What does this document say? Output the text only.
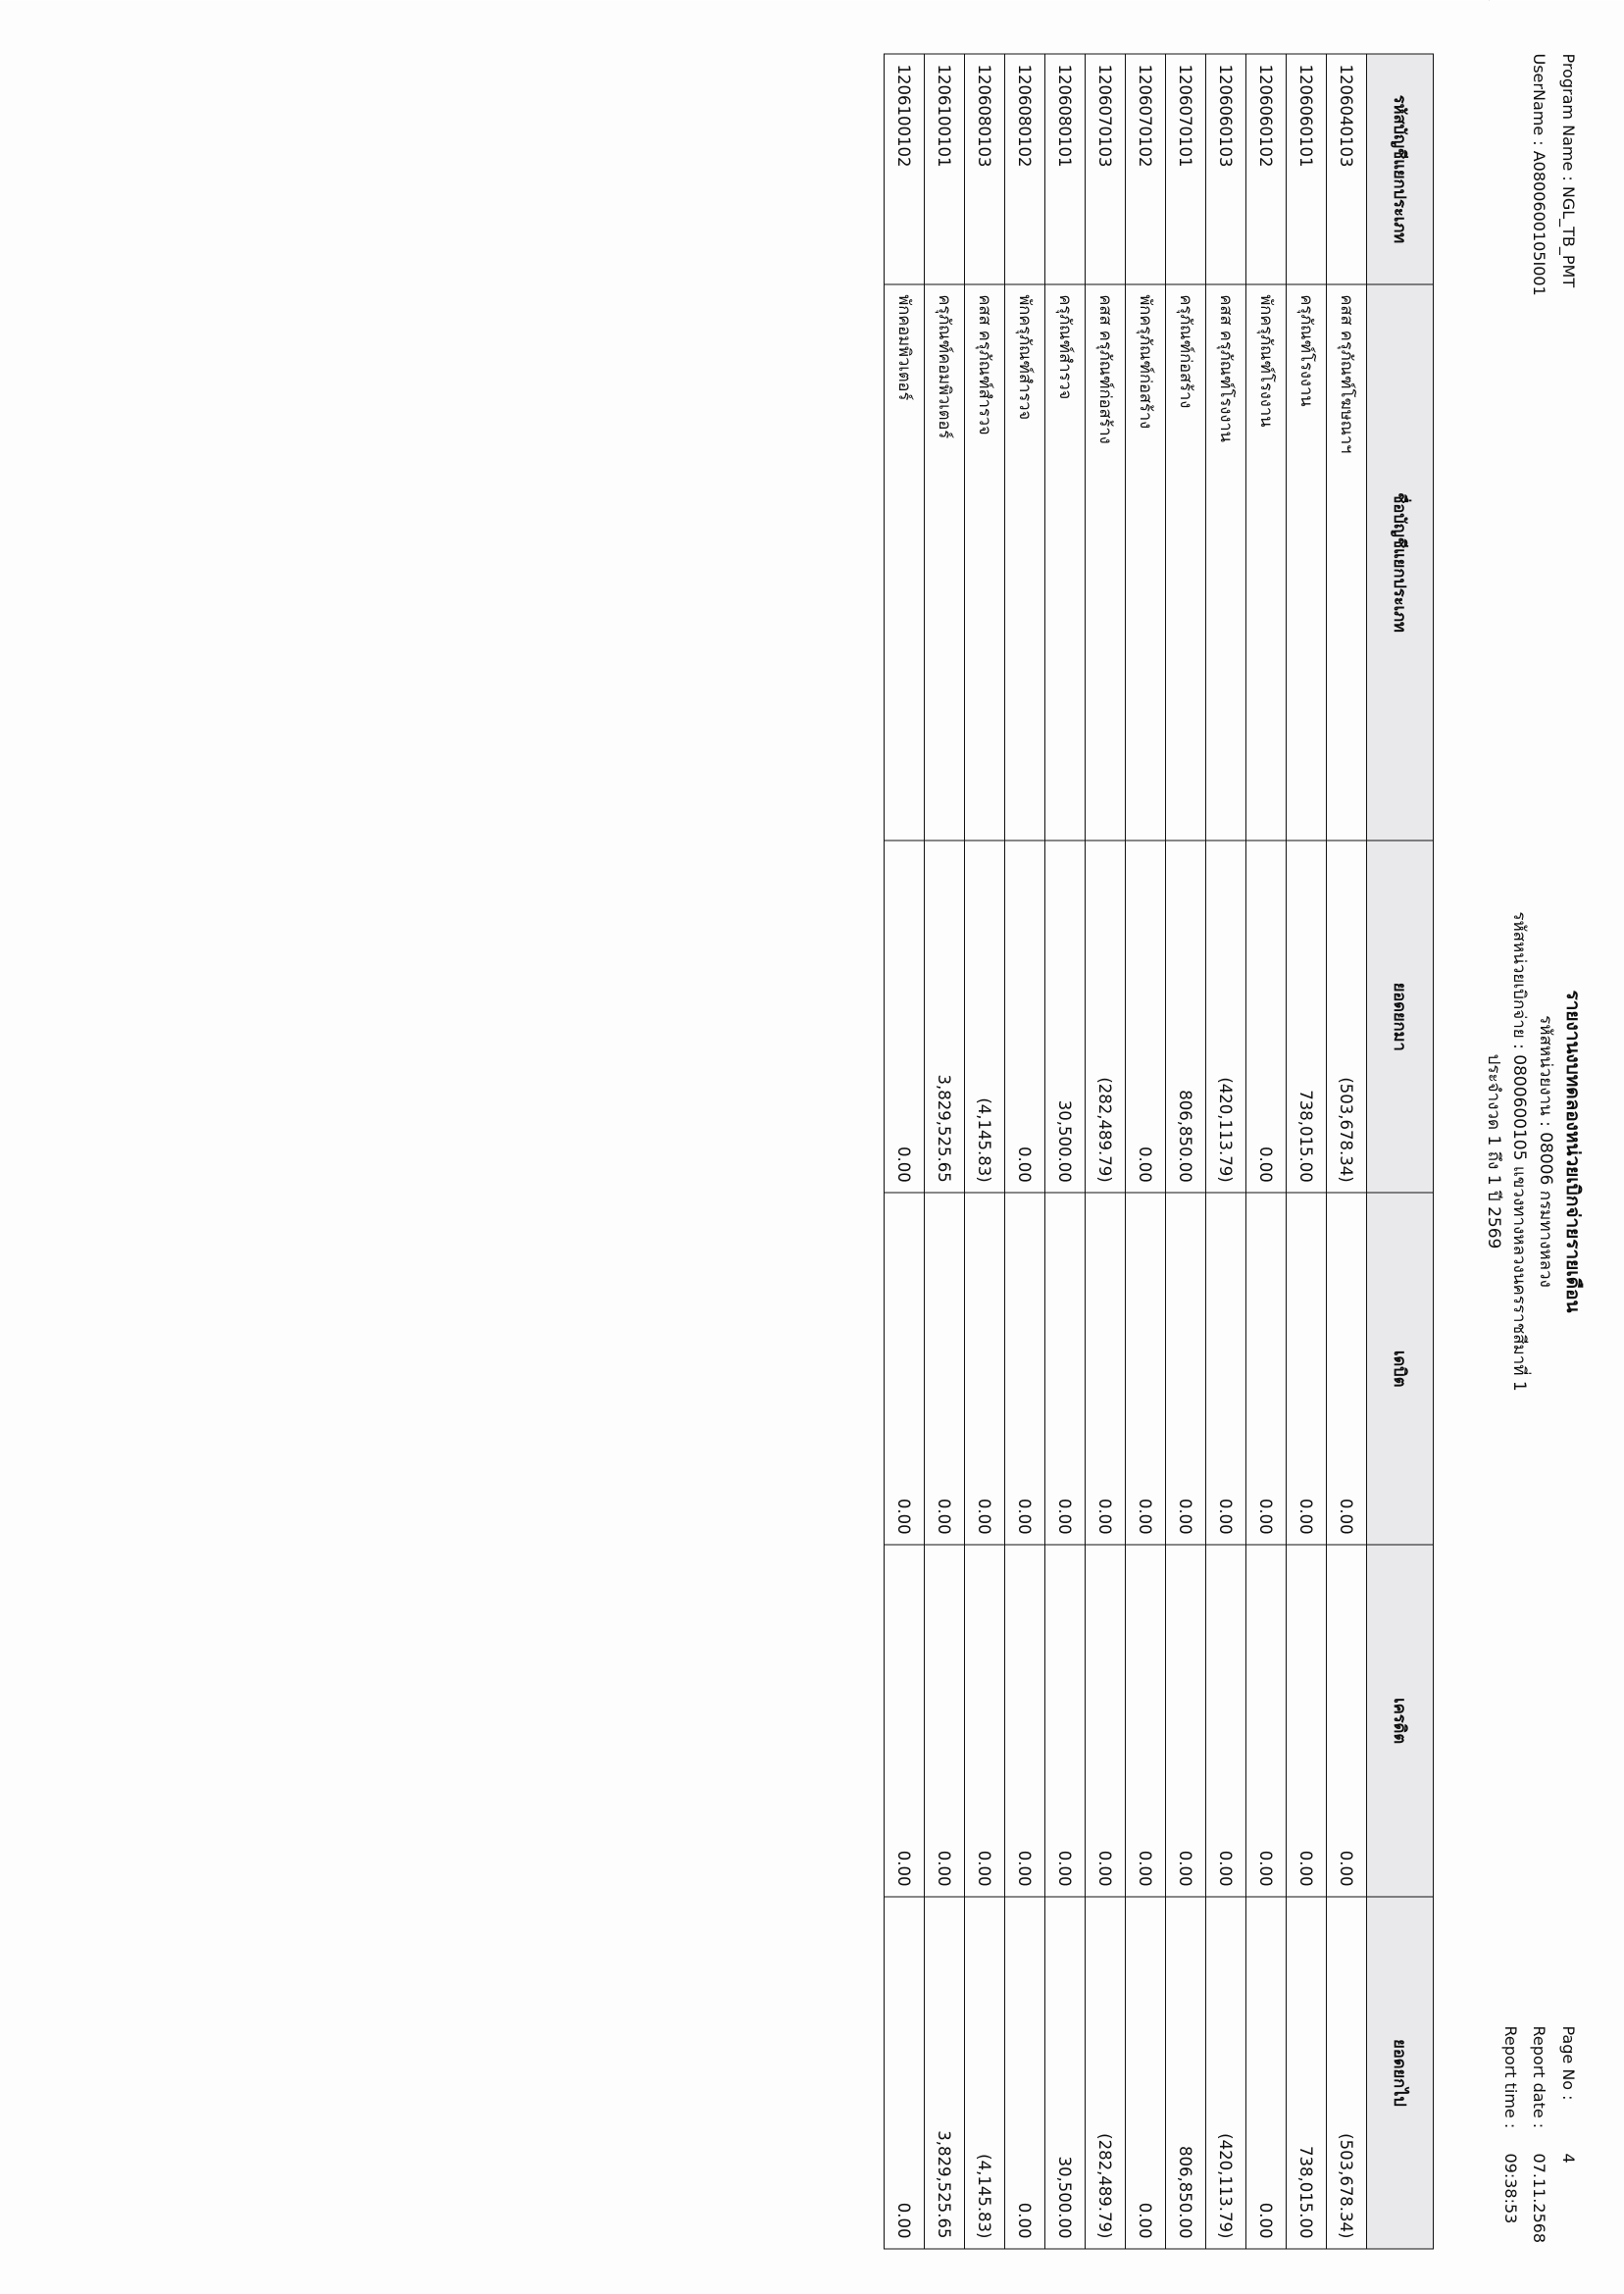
Program Name : NGL_TB_PMT
UserName : A0800600105I001
รายงานงบทดลองหน่วยเบิกจ่ายรายเดือน
รหัสหน่วยงาน : 08006 กรมทางหลวง
รหัสหน่วยเบิกจ่าย : 0800600105 แขวงทางหลวงนครราชสีมาที่ 1
ประจำงวด 1 ถึง 1 ปี 2569
Page No :
4
Report date :
07.11.2568
Report time :
09:38:53
รหัสบัญชีแยกประเภท	ชื่อบัญชีแยกประเภท	ยอดยกมา	เดบิต	เครดิต	ยอดยกไป
1206040103	คสส ครุภัณฑ์โฆษณาฯ	(503,678.34)	0.00	0.00	(503,678.34)
1206060101	ครุภัณฑ์โรงงาน	738,015.00	0.00	0.00	738,015.00
1206060102	พักครุภัณฑ์โรงงาน	0.00	0.00	0.00	0.00
1206060103	คสส ครุภัณฑ์โรงงาน	(420,113.79)	0.00	0.00	(420,113.79)
1206070101	ครุภัณฑ์ก่อสร้าง	806,850.00	0.00	0.00	806,850.00
1206070102	พักครุภัณฑ์ก่อสร้าง	0.00	0.00	0.00	0.00
1206070103	คสส ครุภัณฑ์ก่อสร้าง	(282,489.79)	0.00	0.00	(282,489.79)
1206080101	ครุภัณฑ์สำรวจ	30,500.00	0.00	0.00	30,500.00
1206080102	พักครุภัณฑ์สำรวจ	0.00	0.00	0.00	0.00
1206080103	คสส ครุภัณฑ์สำรวจ	(4,145.83)	0.00	0.00	(4,145.83)
1206100101	ครุภัณฑ์คอมพิวเตอร์	3,829,525.65	0.00	0.00	3,829,525.65
1206100102	พักคอมพิวเตอร์	0.00	0.00	0.00	0.00
